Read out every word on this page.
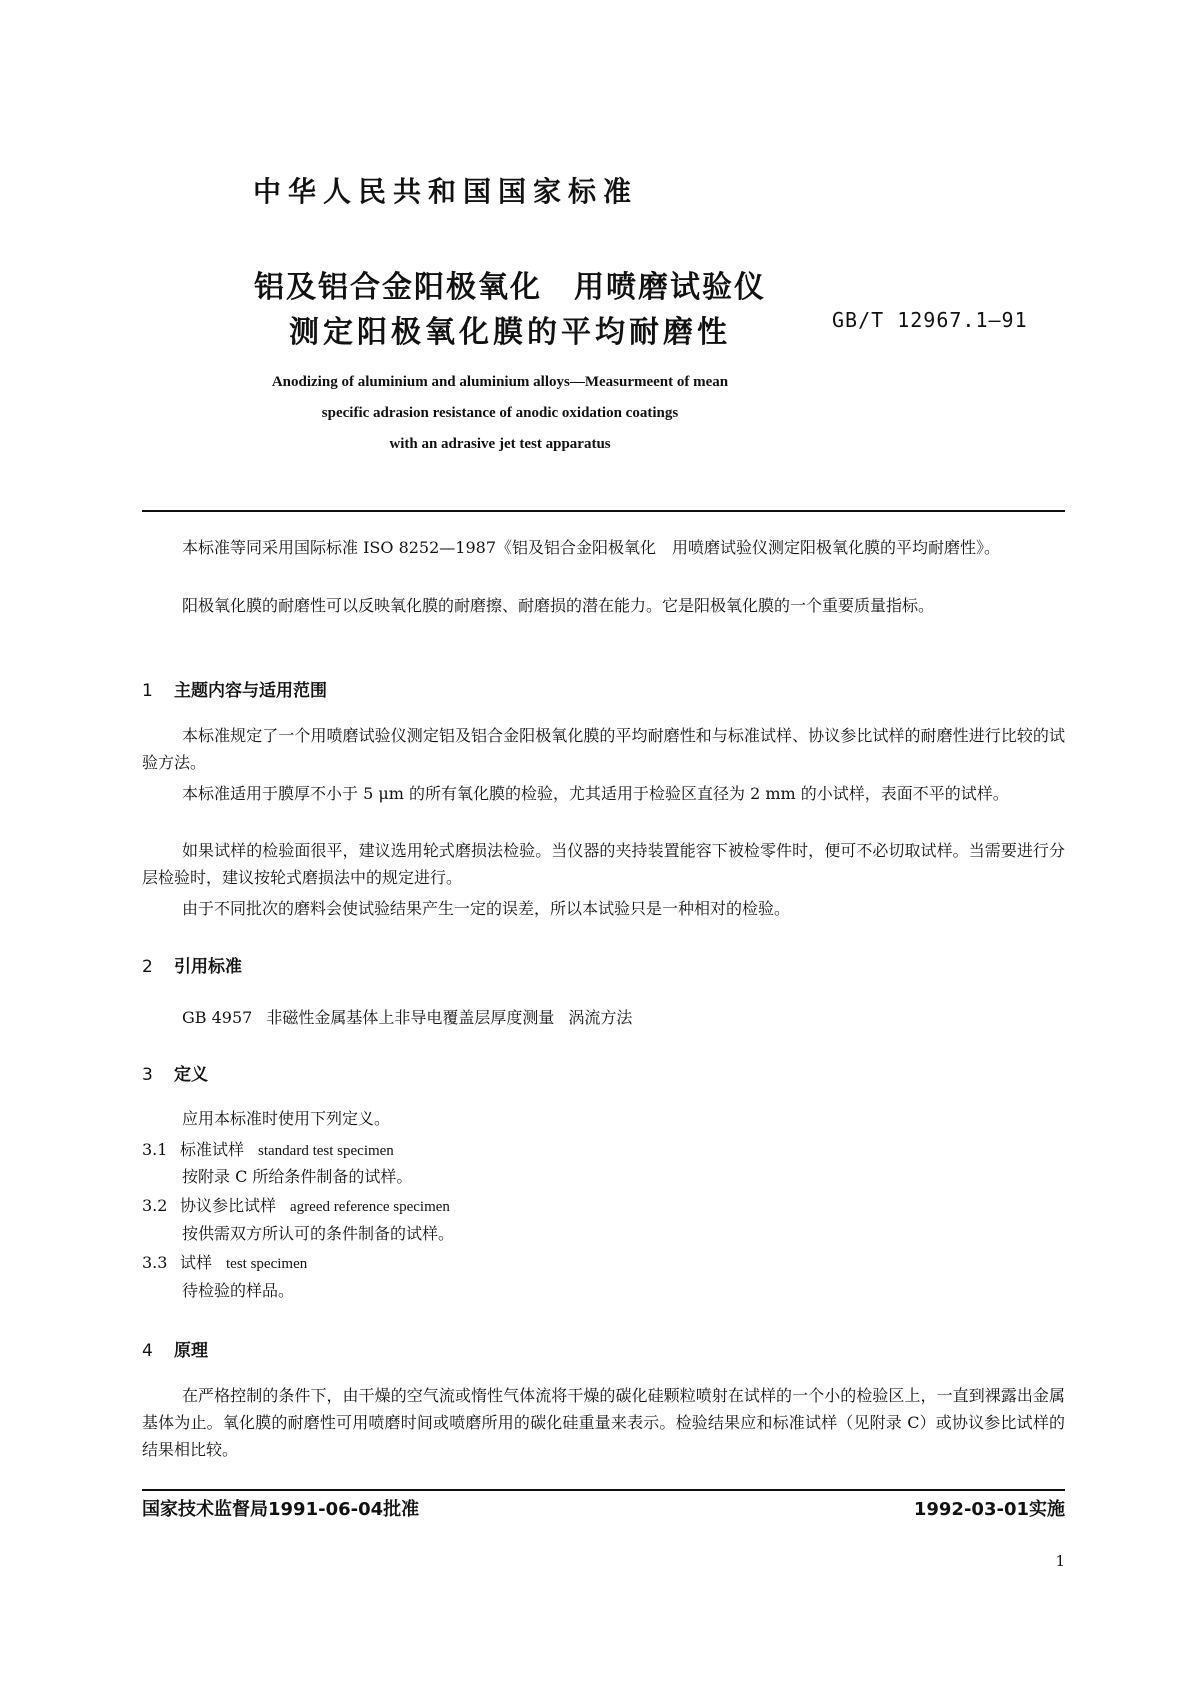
中华人民共和国国家标准
铝及铝合金阳极氧化　用喷磨试验仪
测定阳极氧化膜的平均耐磨性	GB/T 12967.1—91
Anodizing of aluminium and aluminium alloys—Measurmeent of mean
specific adrasion resistance of anodic oxidation coatings
with an adrasive jet test apparatus
本标准等同采用国际标准 ISO 8252—1987《铝及铝合金阳极氧化　用喷磨试验仪测定阳极氧化膜的平均耐磨性》。
阳极氧化膜的耐磨性可以反映氧化膜的耐磨擦、耐磨损的潜在能力。它是阳极氧化膜的一个重要质量指标。
1 主题内容与适用范围
本标准规定了一个用喷磨试验仪测定铝及铝合金阳极氧化膜的平均耐磨性和与标准试样、协议参比试样的耐磨性进行比较的试验方法。
本标准适用于膜厚不小于 5 μm 的所有氧化膜的检验，尤其适用于检验区直径为 2 mm 的小试样，表面不平的试样。
如果试样的检验面很平，建议选用轮式磨损法检验。当仪器的夹持装置能容下被检零件时，便可不必切取试样。当需要进行分层检验时，建议按轮式磨损法中的规定进行。
由于不同批次的磨料会使试验结果产生一定的误差，所以本试验只是一种相对的检验。
2 引用标准
GB 4957 非磁性金属基体上非导电覆盖层厚度测量 涡流方法
3 定义
应用本标准时使用下列定义。
3.1 标准试样 standard test specimen
按附录 C 所给条件制备的试样。
3.2 协议参比试样 agreed reference specimen
按供需双方所认可的条件制备的试样。
3.3 试样 test specimen
待检验的样品。
4 原理
在严格控制的条件下，由干燥的空气流或惰性气体流将干燥的碳化硅颗粒喷射在试样的一个小的检验区上，一直到裸露出金属基体为止。氧化膜的耐磨性可用喷磨时间或喷磨所用的碳化硅重量来表示。检验结果应和标准试样（见附录 C）或协议参比试样的结果相比较。
国家技术监督局1991-06-04批准	1992-03-01实施
1
